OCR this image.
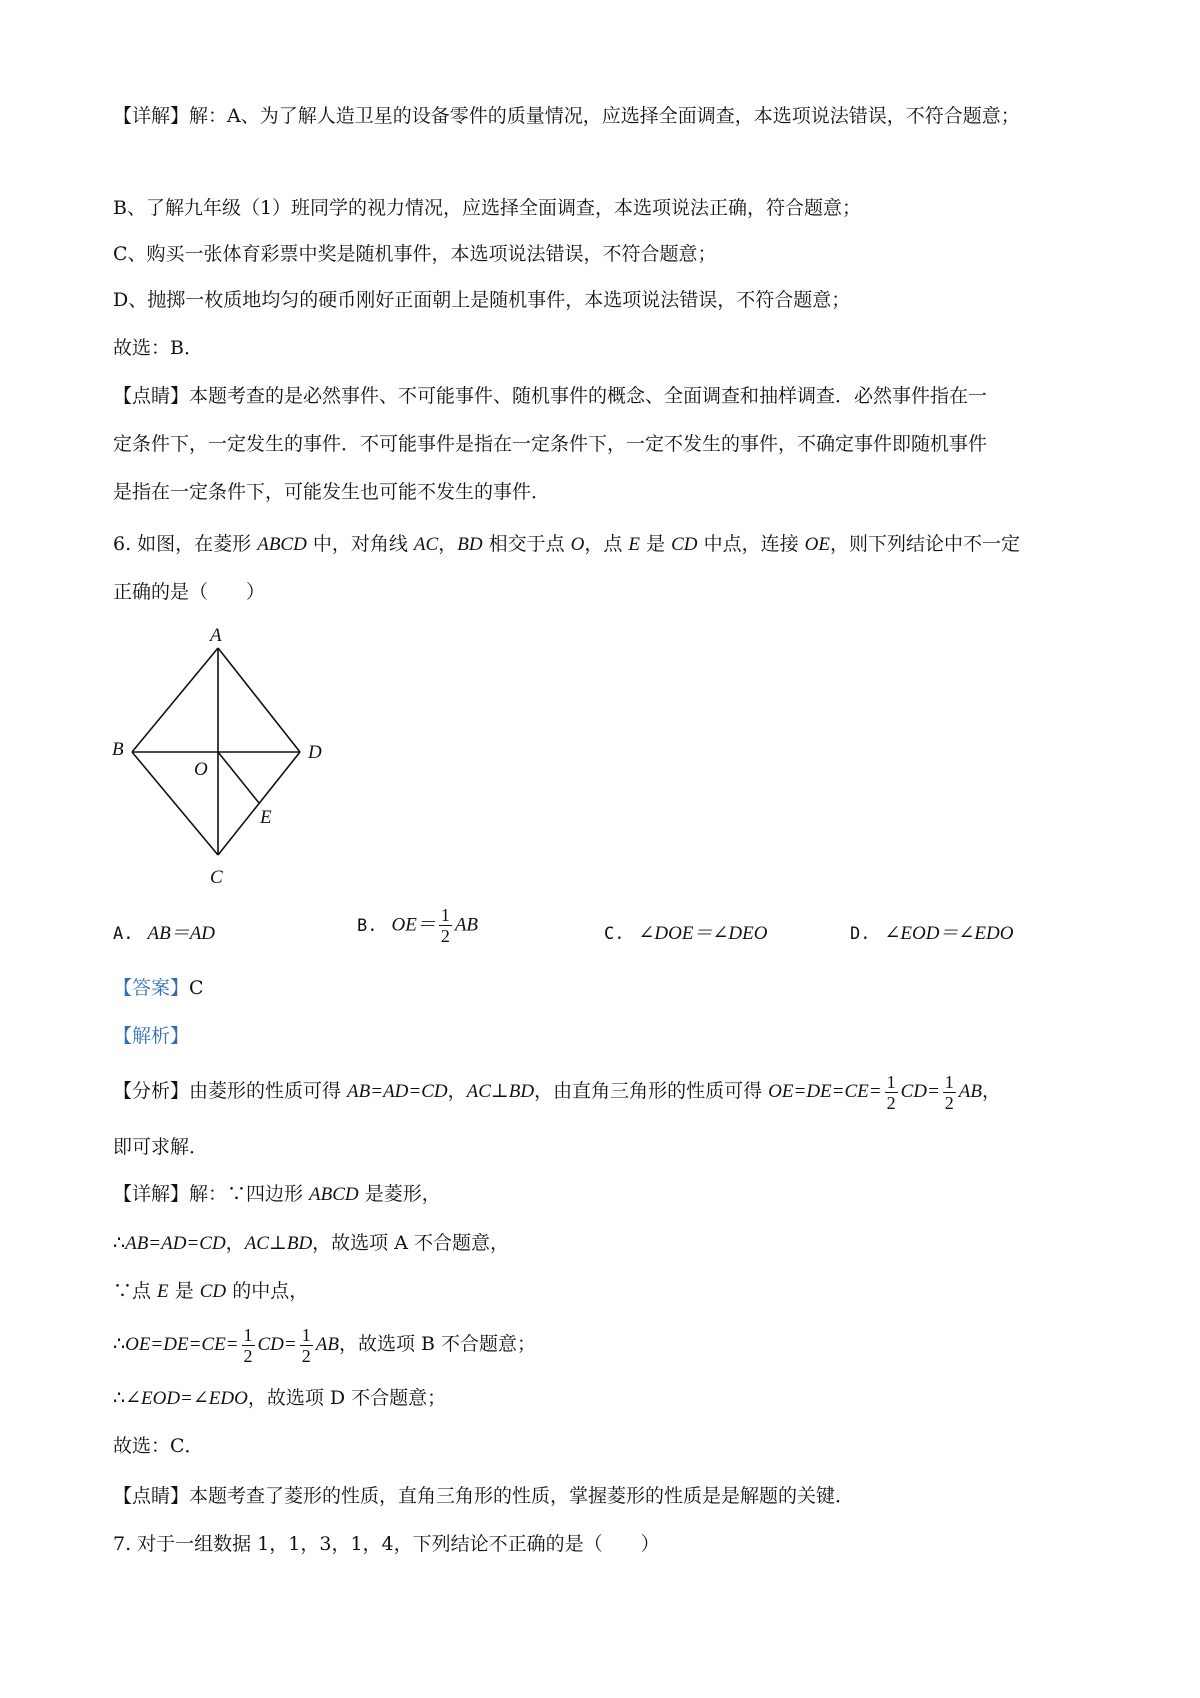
【详解】解：A、为了解人造卫星的设备零件的质量情况，应选择全面调查，本选项说法错误，不符合题意；
B、了解九年级（1）班同学的视力情况，应选择全面调查，本选项说法正确，符合题意；
C、购买一张体育彩票中奖是随机事件，本选项说法错误，不符合题意；
D、抛掷一枚质地均匀的硬币刚好正面朝上是随机事件，本选项说法错误，不符合题意；
故选：B．
【点睛】本题考查的是必然事件、不可能事件、随机事件的概念、全面调查和抽样调查．必然事件指在一
定条件下，一定发生的事件．不可能事件是指在一定条件下，一定不发生的事件，不确定事件即随机事件
是指在一定条件下，可能发生也可能不发生的事件．
6. 如图，在菱形 ABCD 中，对角线 AC，BD 相交于点 O，点 E 是 CD 中点，连接 OE，则下列结论中不一定
正确的是（　　）
A
B	D
O
E
C
A. AB＝AD	B. $OE= \frac{1}{2}$ AB	C. ∠DOE＝∠DEO	D. ∠EOD＝∠EDO
【答案】C
【解析】
【分析】由菱形的性质可得 AB=AD=CD，AC⊥BD，由直角三角形的性质可得 $OE=DE=CE= \frac{1}{2} CD= \frac{1}{2}$ AB，
即可求解．
【详解】解：∵四边形 ABCD 是菱形，
∴AB=AD=CD，AC⊥BD，故选项 A 不合题意，
∵点 E 是 CD 的中点，
∴OE=DE=CE= $\frac{1}{2} CD= \frac{1}{2}$ AB，故选项 B 不合题意；
∴∠EOD=∠EDO，故选项 D 不合题意；
故选：C．
【点睛】本题考查了菱形的性质，直角三角形的性质，掌握菱形的性质是是解题的关键．
7. 对于一组数据 1，1，3，1，4，下列结论不正确的是（　　）
